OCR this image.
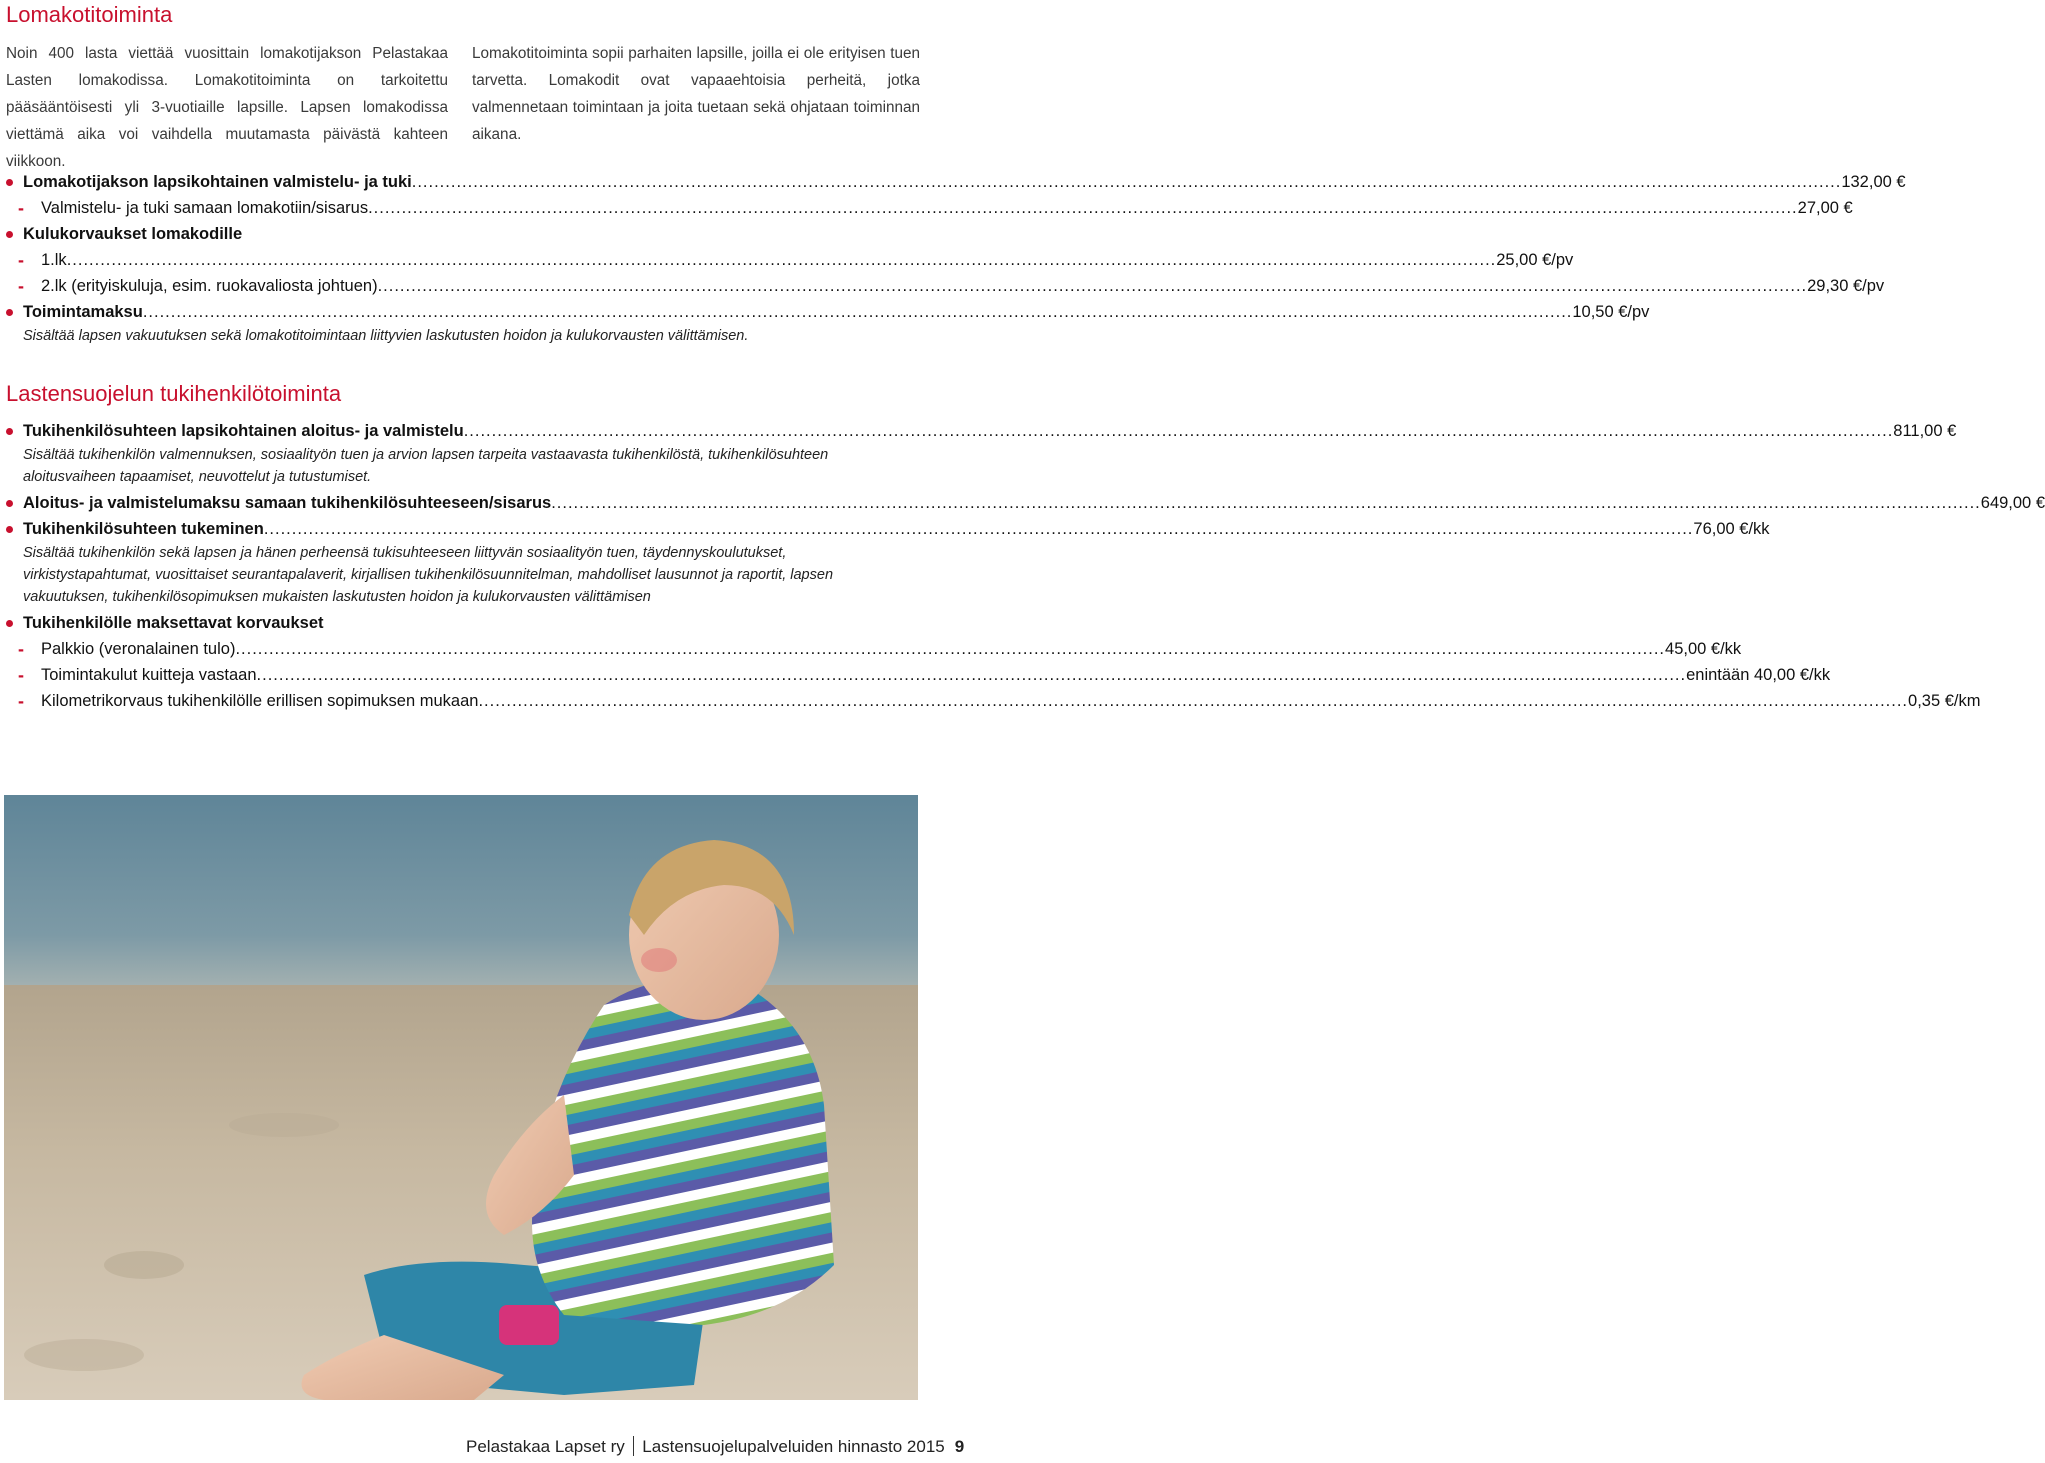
Lomakotitoiminta

Noin 400 lasta viettää vuosittain lomakotijakson Pelastakaa Lasten lomakodissa. Lomakotitoiminta on tarkoitettu pääsääntöisesti yli 3-vuotiaille lapsille. Lapsen lomakodissa viettämä aika voi vaihdella muutamasta päivästä kahteen viikkoon.

Lomakotitoiminta sopii parhaiten lapsille, joilla ei ole erityisen tuen tarvetta. Lomakodit ovat vapaaehtoisia perheitä, jotka valmennetaan toimintaan ja joita tuetaan sekä ohjataan toiminnan aikana.

Lomakotijakson lapsikohtainen valmistelu- ja tuki .....	132,00 €
- Valmistelu- ja tuki samaan lomakotiin/sisarus .....	27,00 €
Kulukorvaukset lomakodille
- 1.lk .....	25,00 €/pv
- 2.lk (erityiskuluja, esim. ruokavaliosta johtuen) .....	29,30 €/pv
Toimintamaksu .....	10,50 €/pv

Sisältää lapsen vakuutuksen sekä lomakotitoimintaan liittyvien laskutusten hoidon ja kulukorvausten välittämisen.

Lastensuojelun tukihenkilötoiminta
Tukihenkilösuhteen lapsikohtainen aloitus- ja valmistelu .....	811,00 €

Sisältää tukihenkilön valmennuksen, sosiaalityön tuen ja arvion lapsen tarpeita vastaavasta tukihenkilöstä, tukihenkilösuhteen aloitusvaiheen tapaamiset, neuvottelut ja tutustumiset.

Aloitus- ja valmistelumaksu samaan tukihenkilösuhteeseen/sisarus .....	649,00 €
Tukihenkilösuhteen tukeminen .....	76,00 €/kk

Sisältää tukihenkilön sekä lapsen ja hänen perheensä tukisuhteeseen liittyvän sosiaalityön tuen, täydennyskoulutukset, virkistystapahtumat, vuosittaiset seurantapalaverit, kirjallisen tukihenkilösuunnitelman, mahdolliset lausunnot ja raportit, lapsen vakuutuksen, tukihenkilösopimuksen mukaisten laskutusten hoidon ja kulukorvausten välittämisen

Tukihenkilölle maksettavat korvaukset
- Palkkio (veronalainen tulo) .....	45,00 €/kk
- Toimintakulut kuitteja vastaan .....	enintään 40,00 €/kk
- Kilometrikorvaus tukihenkilölle erillisen sopimuksen mukaan .....	0,35 €/km
Pelastakaa Lapset ry Lastensuojelupalveluiden hinnasto 2015 9
